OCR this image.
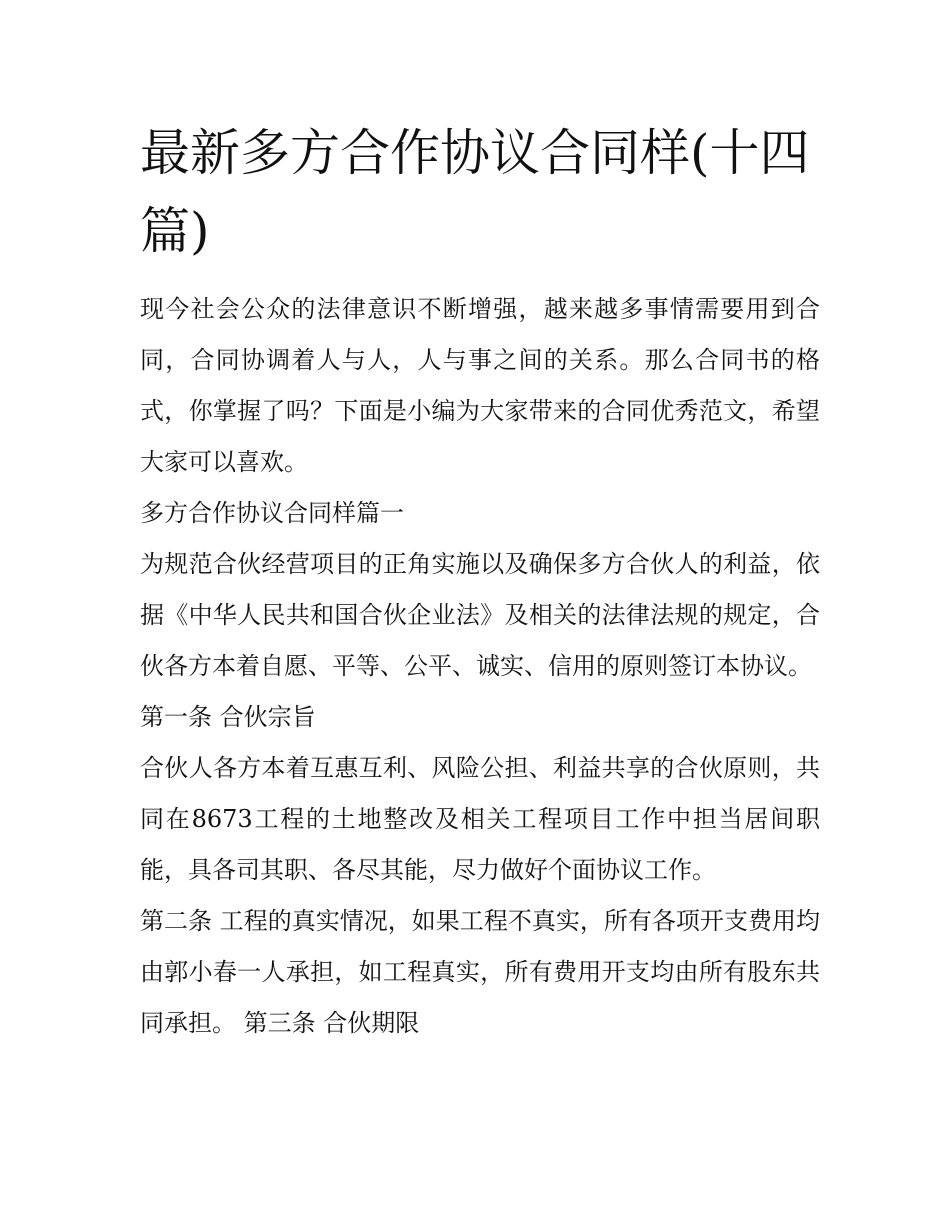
最新多方合作协议合同样(十四篇)

现今社会公众的法律意识不断增强，越来越多事情需要用到合同，合同协调着人与人，人与事之间的关系。那么合同书的格式，你掌握了吗？下面是小编为大家带来的合同优秀范文，希望大家可以喜欢。

多方合作协议合同样篇一

为规范合伙经营项目的正角实施以及确保多方合伙人的利益，依据《中华人民共和国合伙企业法》及相关的法律法规的规定，合伙各方本着自愿、平等、公平、诚实、信用的原则签订本协议。

第一条 合伙宗旨

合伙人各方本着互惠互利、风险公担、利益共享的合伙原则，共同在8673工程的土地整改及相关工程项目工作中担当居间职能，具各司其职、各尽其能，尽力做好个面协议工作。

第二条 工程的真实情况，如果工程不真实，所有各项开支费用均由郭小春一人承担，如工程真实，所有费用开支均由所有股东共同承担。 第三条 合伙期限
